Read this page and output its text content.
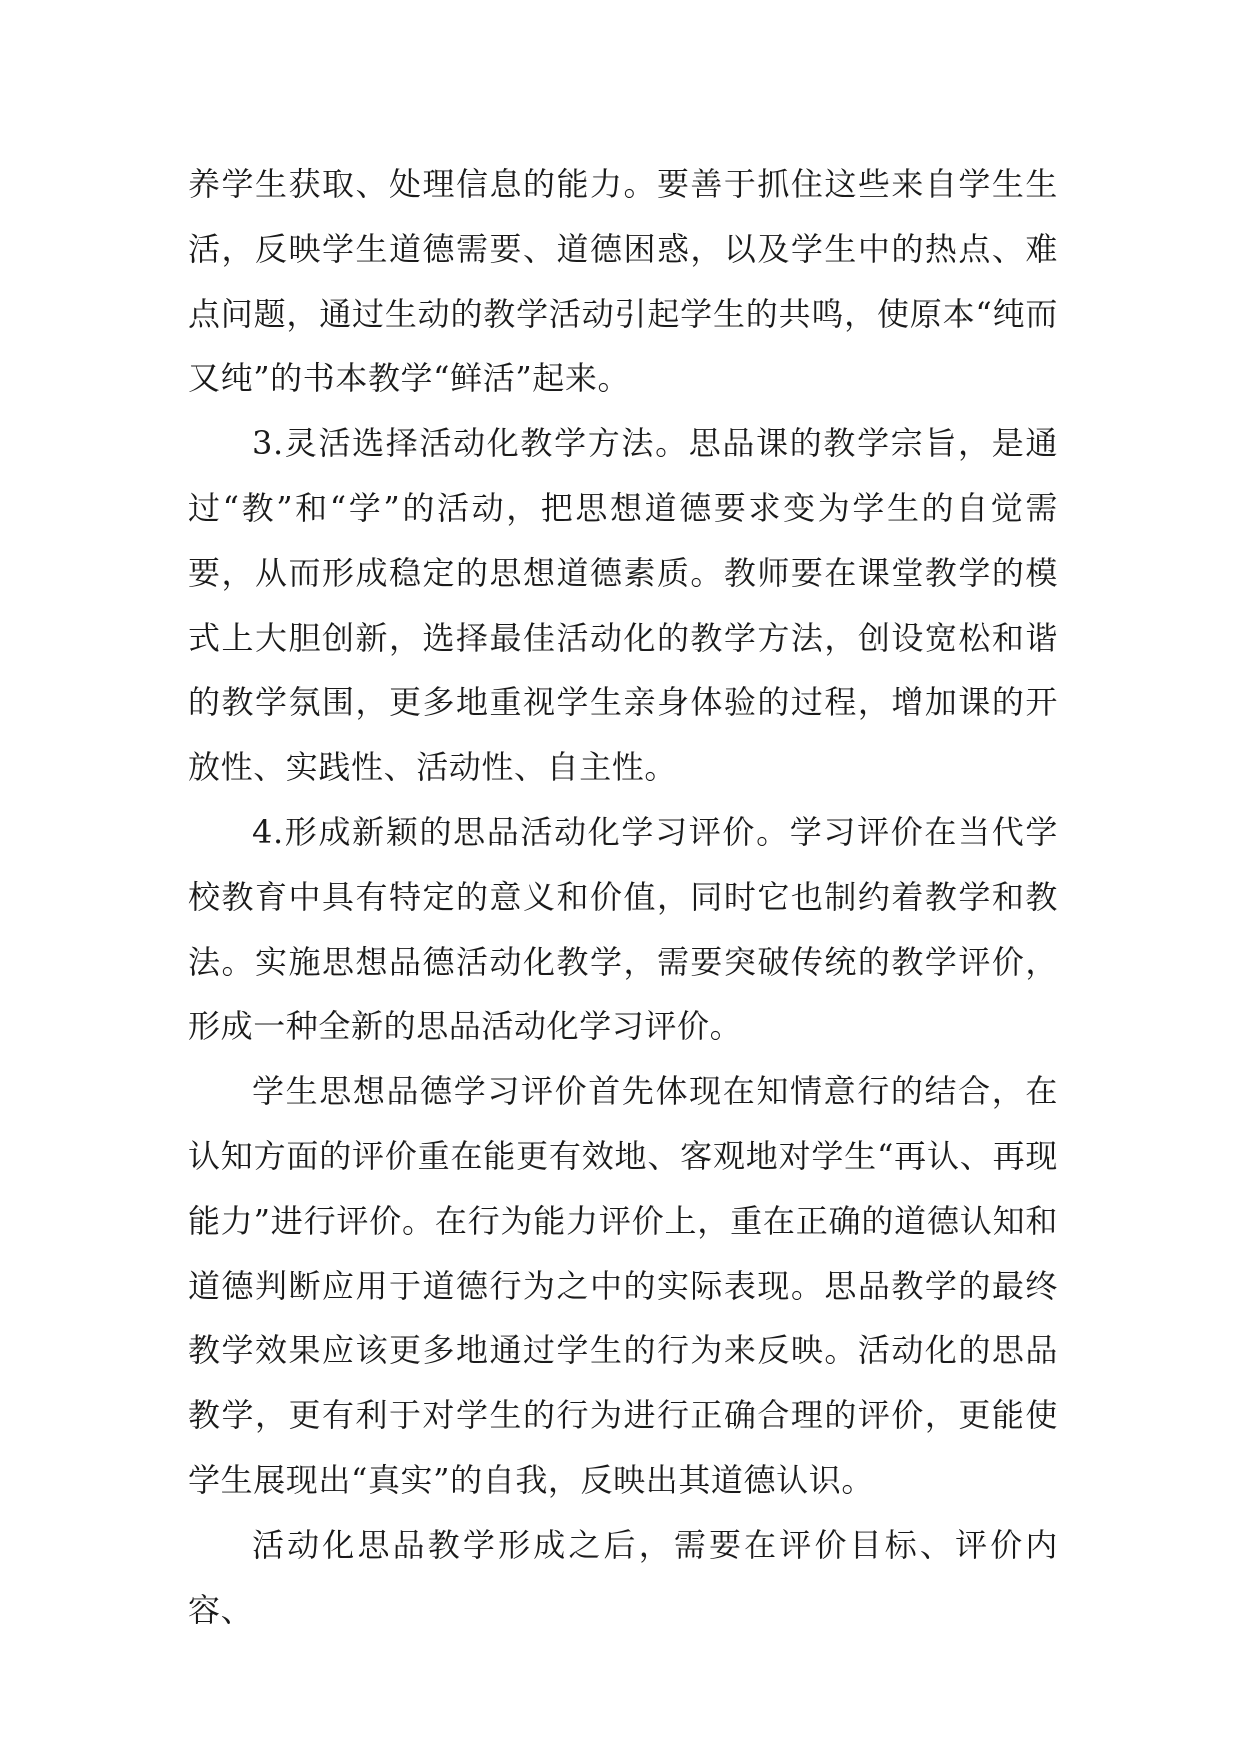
养学生获取、处理信息的能力。要善于抓住这些来自学生生活，反映学生道德需要、道德困惑，以及学生中的热点、难点问题，通过生动的教学活动引起学生的共鸣，使原本“纯而又纯”的书本教学“鲜活”起来。

3.灵活选择活动化教学方法。思品课的教学宗旨，是通过“教”和“学”的活动，把思想道德要求变为学生的自觉需要，从而形成稳定的思想道德素质。教师要在课堂教学的模式上大胆创新，选择最佳活动化的教学方法，创设宽松和谐的教学氛围，更多地重视学生亲身体验的过程，增加课的开放性、实践性、活动性、自主性。

4.形成新颖的思品活动化学习评价。学习评价在当代学校教育中具有特定的意义和价值，同时它也制约着教学和教法。实施思想品德活动化教学，需要突破传统的教学评价，形成一种全新的思品活动化学习评价。

学生思想品德学习评价首先体现在知情意行的结合，在认知方面的评价重在能更有效地、客观地对学生“再认、再现能力”进行评价。在行为能力评价上，重在正确的道德认知和道德判断应用于道德行为之中的实际表现。思品教学的最终教学效果应该更多地通过学生的行为来反映。活动化的思品教学，更有利于对学生的行为进行正确合理的评价，更能使学生展现出“真实”的自我，反映出其道德认识。

活动化思品教学形成之后，需要在评价目标、评价内容、
